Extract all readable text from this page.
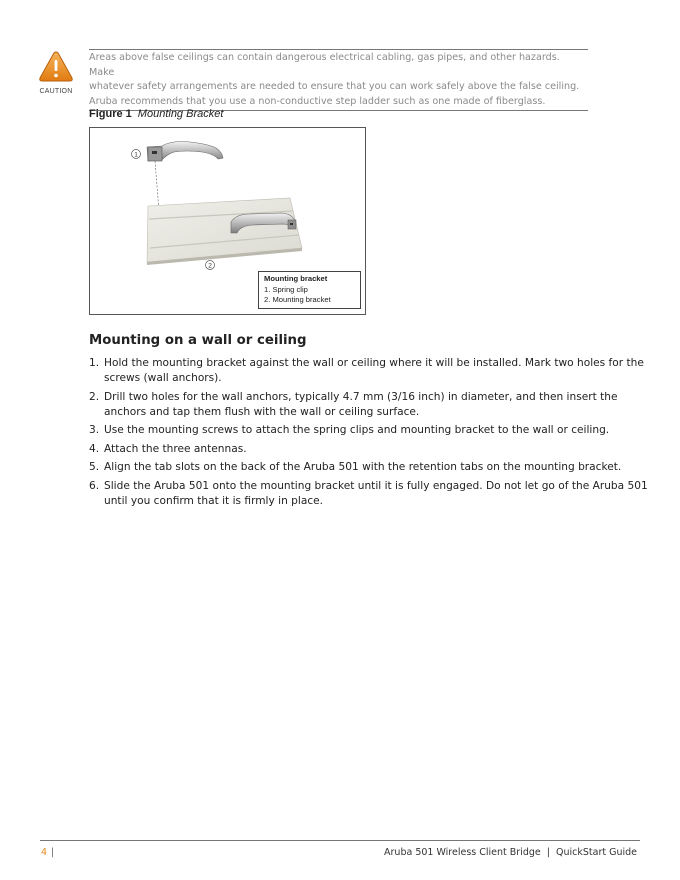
CAUTION
Areas above false ceilings can contain dangerous electrical cabling, gas pipes, and other hazards. Make
whatever safety arrangements are needed to ensure that you can work safely above the false ceiling.
Aruba recommends that you use a non-conductive step ladder such as one made of fiberglass.
Figure 1 Mounting Bracket
1
2
Mounting bracket
1. Spring clip
2. Mounting bracket
Mounting on a wall or ceiling
1. Hold the mounting bracket against the wall or ceiling where it will be installed. Mark two holes for the screws (wall anchors).
2. Drill two holes for the wall anchors, typically 4.7 mm (3/16 inch) in diameter, and then insert the anchors and tap them flush with the wall or ceiling surface.
3. Use the mounting screws to attach the spring clips and mounting bracket to the wall or ceiling.
4. Attach the three antennas.
5. Align the tab slots on the back of the Aruba 501 with the retention tabs on the mounting bracket.
6. Slide the Aruba 501 onto the mounting bracket until it is fully engaged. Do not let go of the Aruba 501 until you confirm that it is firmly in place.
4 |	Aruba 501 Wireless Client Bridge  |  QuickStart Guide
